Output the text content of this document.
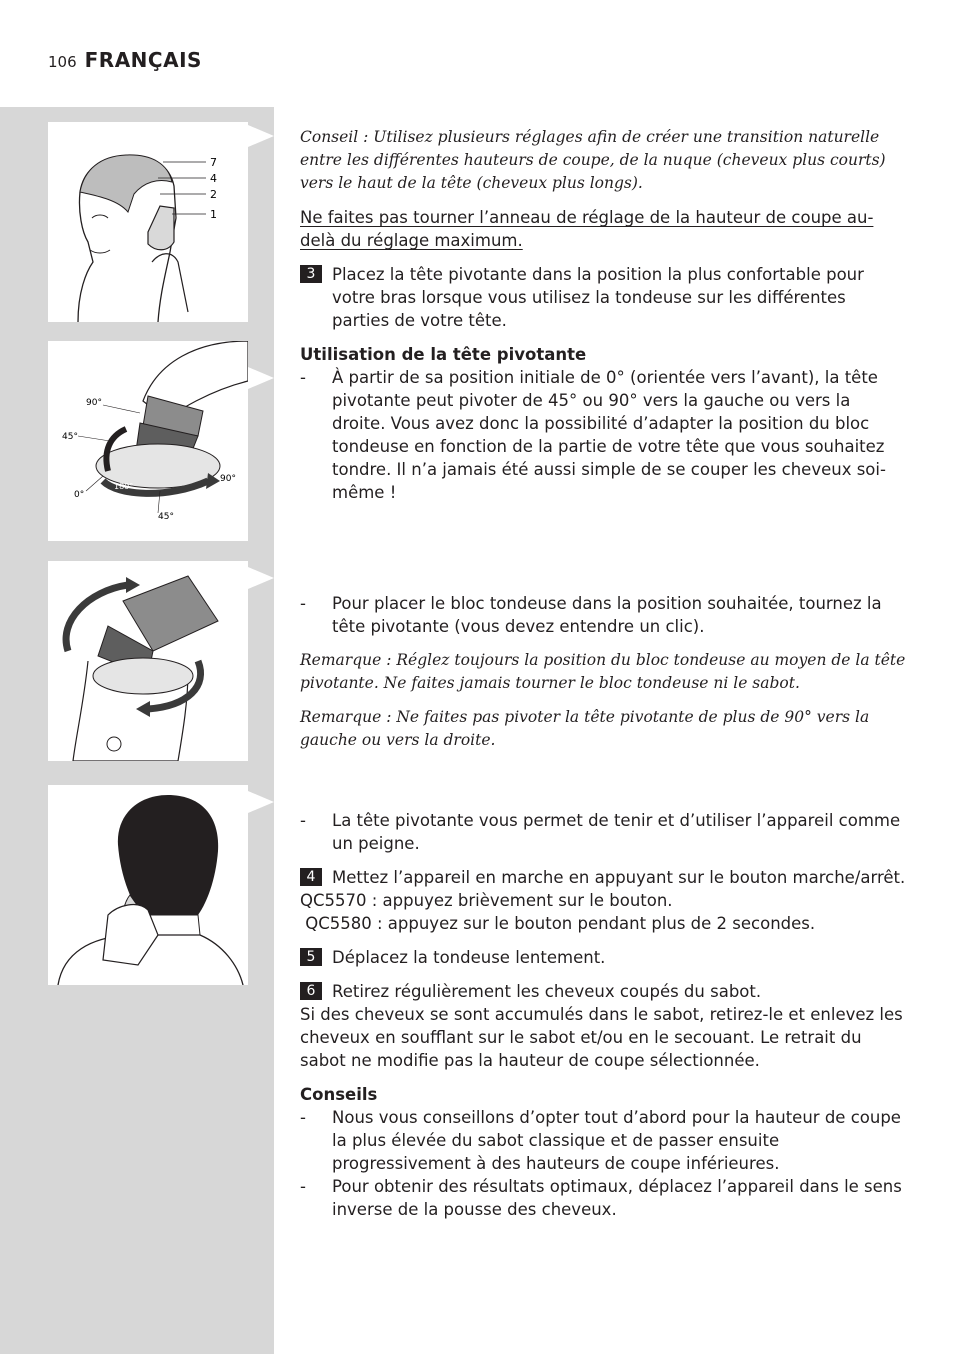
106 FRANÇAIS
7
4
2
1
90°
45°
0°
180°
90°
45°

Conseil : Utilisez plusieurs réglages afin de créer une transition naturelle entre les différentes hauteurs de coupe, de la nuque (cheveux plus courts) vers le haut de la tête (cheveux plus longs).

Ne faites pas tourner l’anneau de réglage de la hauteur de coupe au-delà du réglage maximum.

3	Placez la tête pivotante dans la position la plus confortable pour votre bras lorsque vous utilisez la tondeuse sur les différentes parties de votre tête.

Utilisation de la tête pivotante

-	À partir de sa position initiale de 0° (orientée vers l’avant), la tête pivotante peut pivoter de 45° ou 90° vers la gauche ou vers la droite. Vous avez donc la possibilité d’adapter la position du bloc tondeuse en fonction de la partie de votre tête que vous souhaitez tondre. Il n’a jamais été aussi simple de se couper les cheveux soi-même !
-	Pour placer le bloc tondeuse dans la position souhaitée, tournez la tête pivotante (vous devez entendre un clic).

Remarque : Réglez toujours la position du bloc tondeuse au moyen de la tête pivotante. Ne faites jamais tourner le bloc tondeuse ni le sabot.

Remarque : Ne faites pas pivoter la tête pivotante de plus de 90° vers la gauche ou vers la droite.

-	La tête pivotante vous permet de tenir et d’utiliser l’appareil comme un peigne.
4	Mettez l’appareil en marche en appuyant sur le bouton marche/arrêt.

QC5570 : appuyez brièvement sur le bouton.

QC5580 : appuyez sur le bouton pendant plus de 2 secondes.

5	Déplacez la tondeuse lentement.
6	Retirez régulièrement les cheveux coupés du sabot.

Si des cheveux se sont accumulés dans le sabot, retirez-le et enlevez les cheveux en soufflant sur le sabot et/ou en le secouant. Le retrait du sabot ne modifie pas la hauteur de coupe sélectionnée.

Conseils

-	Nous vous conseillons d’opter tout d’abord pour la hauteur de coupe la plus élevée du sabot classique et de passer ensuite progressivement à des hauteurs de coupe inférieures.
-	Pour obtenir des résultats optimaux, déplacez l’appareil dans le sens inverse de la pousse des cheveux.
